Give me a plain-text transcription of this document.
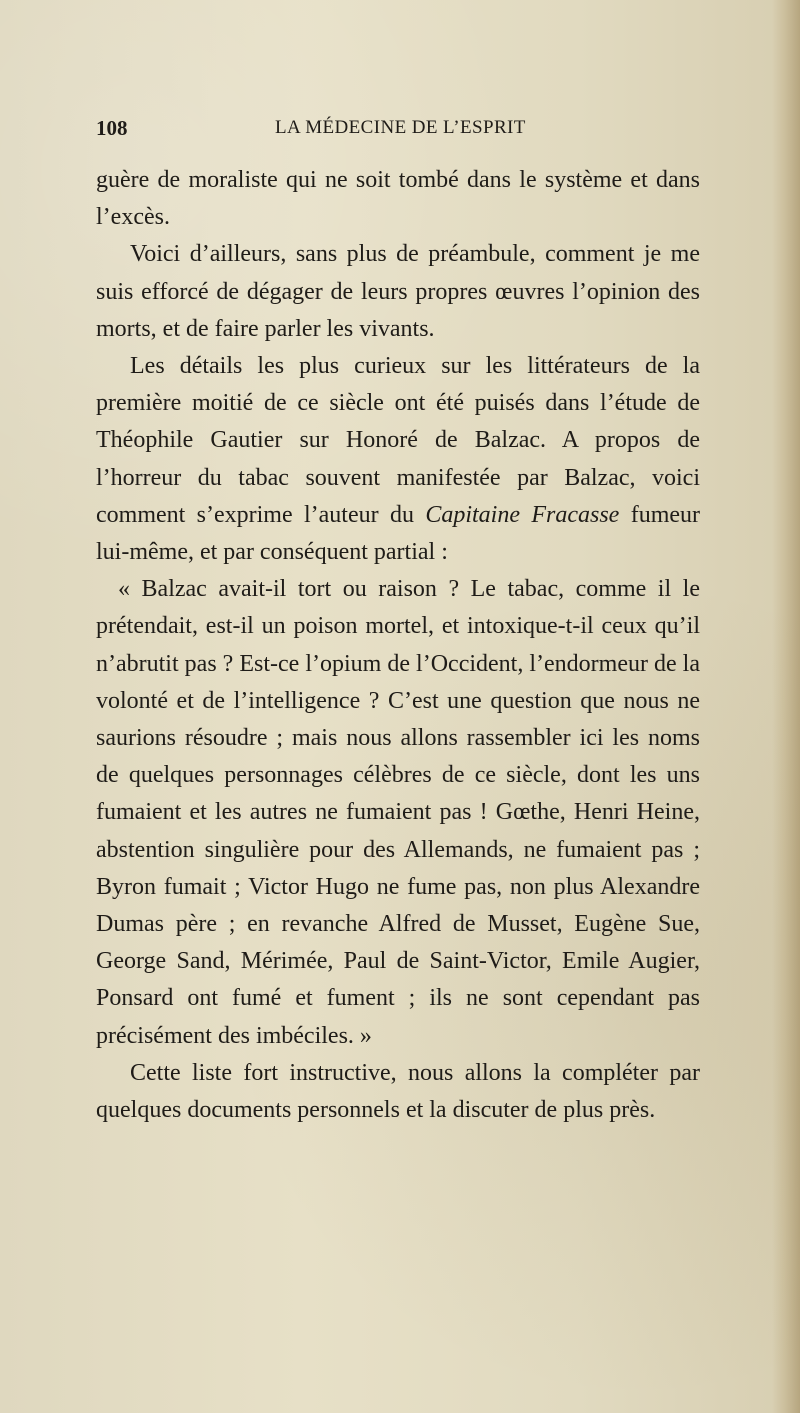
108	LA MÉDECINE DE L’ESPRIT

guère de moraliste qui ne soit tombé dans le système et dans l’excès.

Voici d’ailleurs, sans plus de préambule, comment je me suis efforcé de dégager de leurs propres œuvres l’opinion des morts, et de faire parler les vivants.

Les détails les plus curieux sur les littérateurs de la première moitié de ce siècle ont été puisés dans l’étude de Théophile Gautier sur Honoré de Balzac. A propos de l’horreur du tabac souvent manifestée par Balzac, voici comment s’exprime l’auteur du Capitaine Fracasse fumeur lui-même, et par conséquent partial :

« Balzac avait-il tort ou raison ? Le tabac, comme il le prétendait, est-il un poison mortel, et intoxique-t-il ceux qu’il n’abrutit pas ? Est-ce l’opium de l’Occident, l’endormeur de la volonté et de l’intelligence ? C’est une question que nous ne saurions résoudre ; mais nous allons rassembler ici les noms de quelques personnages célèbres de ce siècle, dont les uns fumaient et les autres ne fumaient pas ! Gœthe, Henri Heine, abstention singulière pour des Allemands, ne fumaient pas ; Byron fumait ; Victor Hugo ne fume pas, non plus Alexandre Dumas père ; en revanche Alfred de Musset, Eugène Sue, George Sand, Mérimée, Paul de Saint-Victor, Emile Augier, Ponsard ont fumé et fument ; ils ne sont cependant pas précisément des imbéciles. »

Cette liste fort instructive, nous allons la compléter par quelques documents personnels et la discuter de plus près.
